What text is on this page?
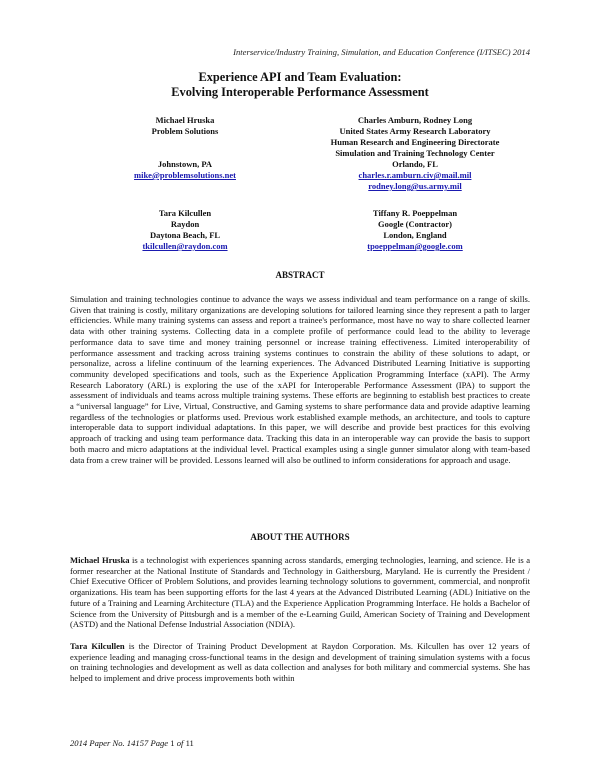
Interservice/Industry Training, Simulation, and Education Conference (I/ITSEC) 2014
Experience API and Team Evaluation:
Evolving Interoperable Performance Assessment
Michael Hruska
Problem Solutions
Johnstown, PA
mike@problemsolutions.net
Charles Amburn, Rodney Long
United States Army Research Laboratory
Human Research and Engineering Directorate
Simulation and Training Technology Center
Orlando, FL
charles.r.amburn.civ@mail.mil
rodney.long@us.army.mil
Tara Kilcullen
Raydon
Daytona Beach, FL
tkilcullen@raydon.com
Tiffany R. Poeppelman
Google (Contractor)
London, England
tpoeppelman@google.com
ABSTRACT

Simulation and training technologies continue to advance the ways we assess individual and team performance on a range of skills. Given that training is costly, military organizations are developing solutions for tailored learning since they represent a path to larger efficiencies. While many training systems can assess and report a trainee's performance, most have no way to share collected learner data with other training systems. Collecting data in a complete profile of performance could lead to the ability to leverage performance data to save time and money training personnel or increase training effectiveness. Limited interoperability of performance assessment and tracking across training systems continues to constrain the ability of these solutions to adapt, or personalize, across a lifeline continuum of the learning experiences. The Advanced Distributed Learning Initiative is supporting community developed specifications and tools, such as the Experience Application Programming Interface (xAPI). The Army Research Laboratory (ARL) is exploring the use of the xAPI for Interoperable Performance Assessment (IPA) to support the assessment of individuals and teams across multiple training systems. These efforts are beginning to establish best practices to create a “universal language” for Live, Virtual, Constructive, and Gaming systems to share performance data and provide adaptive learning regardless of the technologies or platforms used. Previous work established example methods, an architecture, and tools to capture interoperable data to support individual adaptations. In this paper, we will describe and provide best practices for this evolving approach of tracking and using team performance data. Tracking this data in an interoperable way can provide the basis to support both macro and micro adaptations at the individual level. Practical examples using a single gunner simulator along with team-based data from a crew trainer will be provided. Lessons learned will also be outlined to inform considerations for approach and usage.

ABOUT THE AUTHORS

Michael Hruska is a technologist with experiences spanning across standards, emerging technologies, learning, and science. He is a former researcher at the National Institute of Standards and Technology in Gaithersburg, Maryland. He is currently the President / Chief Executive Officer of Problem Solutions, and provides learning technology solutions to government, commercial, and nonprofit organizations. His team has been supporting efforts for the last 4 years at the Advanced Distributed Learning (ADL) Initiative on the future of a Training and Learning Architecture (TLA) and the Experience Application Programming Interface. He holds a Bachelor of Science from the University of Pittsburgh and is a member of the e-Learning Guild, American Society of Training and Development (ASTD) and the National Defense Industrial Association (NDIA).

Tara Kilcullen is the Director of Training Product Development at Raydon Corporation. Ms. Kilcullen has over 12 years of experience leading and managing cross-functional teams in the design and development of training simulation systems with a focus on training technologies and development as well as data collection and analyses for both military and commercial systems. She has helped to implement and drive process improvements both within

2014 Paper No. 14157 Page 1 of 11
